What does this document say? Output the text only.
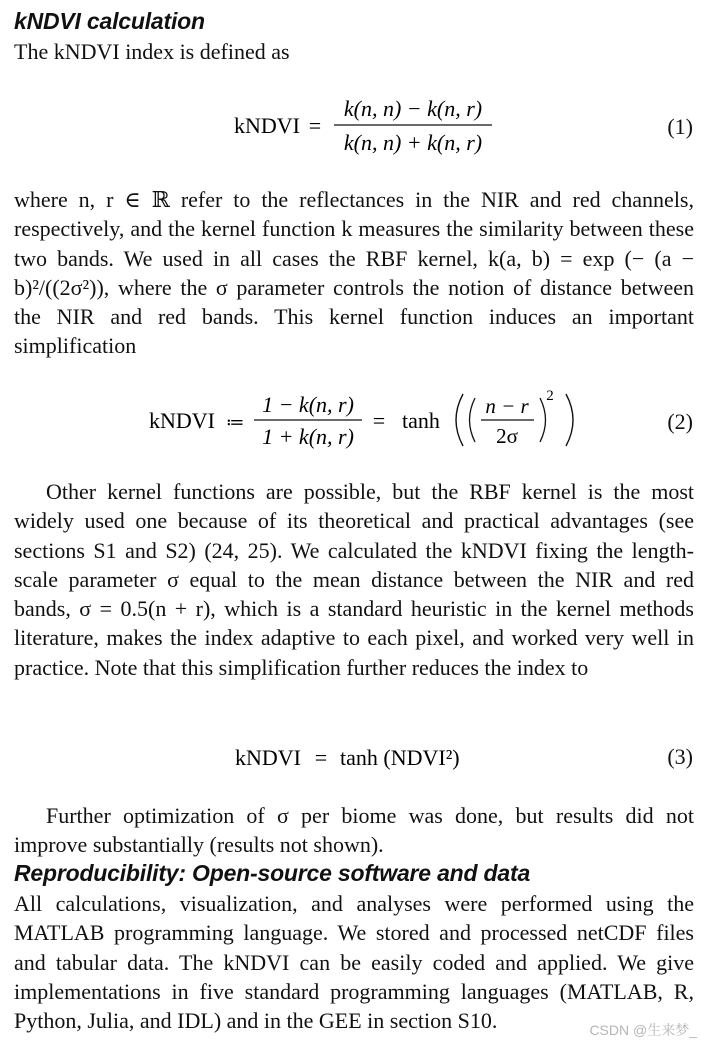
kNDVI calculation

The kNDVI index is defined as

kNDVI =
k(n, n) − k(n, r)
k(n, n) + k(n, r)
(1)

where n, r ∈ ℝ refer to the reflectances in the NIR and red channels, respectively, and the kernel function k measures the similarity between these two bands. We used in all cases the RBF kernel, k(a, b) = exp (− (a − b)²/((2σ²)), where the σ parameter controls the notion of distance between the NIR and red bands. This kernel function induces an important simplification

kNDVI ≔
1 − k(n, r)
1 + k(n, r)
= tanh
n − r
2σ
2
(2)

Other kernel functions are possible, but the RBF kernel is the most widely used one because of its theoretical and practical advantages (see sections S1 and S2) (24, 25). We calculated the kNDVI fixing the length-scale parameter σ equal to the mean distance between the NIR and red bands, σ = 0.5(n + r), which is a standard heuristic in the kernel methods literature, makes the index adaptive to each pixel, and worked very well in practice. Note that this simplification further reduces the index to

kNDVI = tanh (NDVI²)	(3)

Further optimization of σ per biome was done, but results did not improve substantially (results not shown).

Reproducibility: Open-source software and data

All calculations, visualization, and analyses were performed using the MATLAB programming language. We stored and processed netCDF files and tabular data. The kNDVI can be easily coded and applied. We give implementations in five standard programming languages (MATLAB, R, Python, Julia, and IDL) and in the GEE in section S10.	CSDN @生来梦_
